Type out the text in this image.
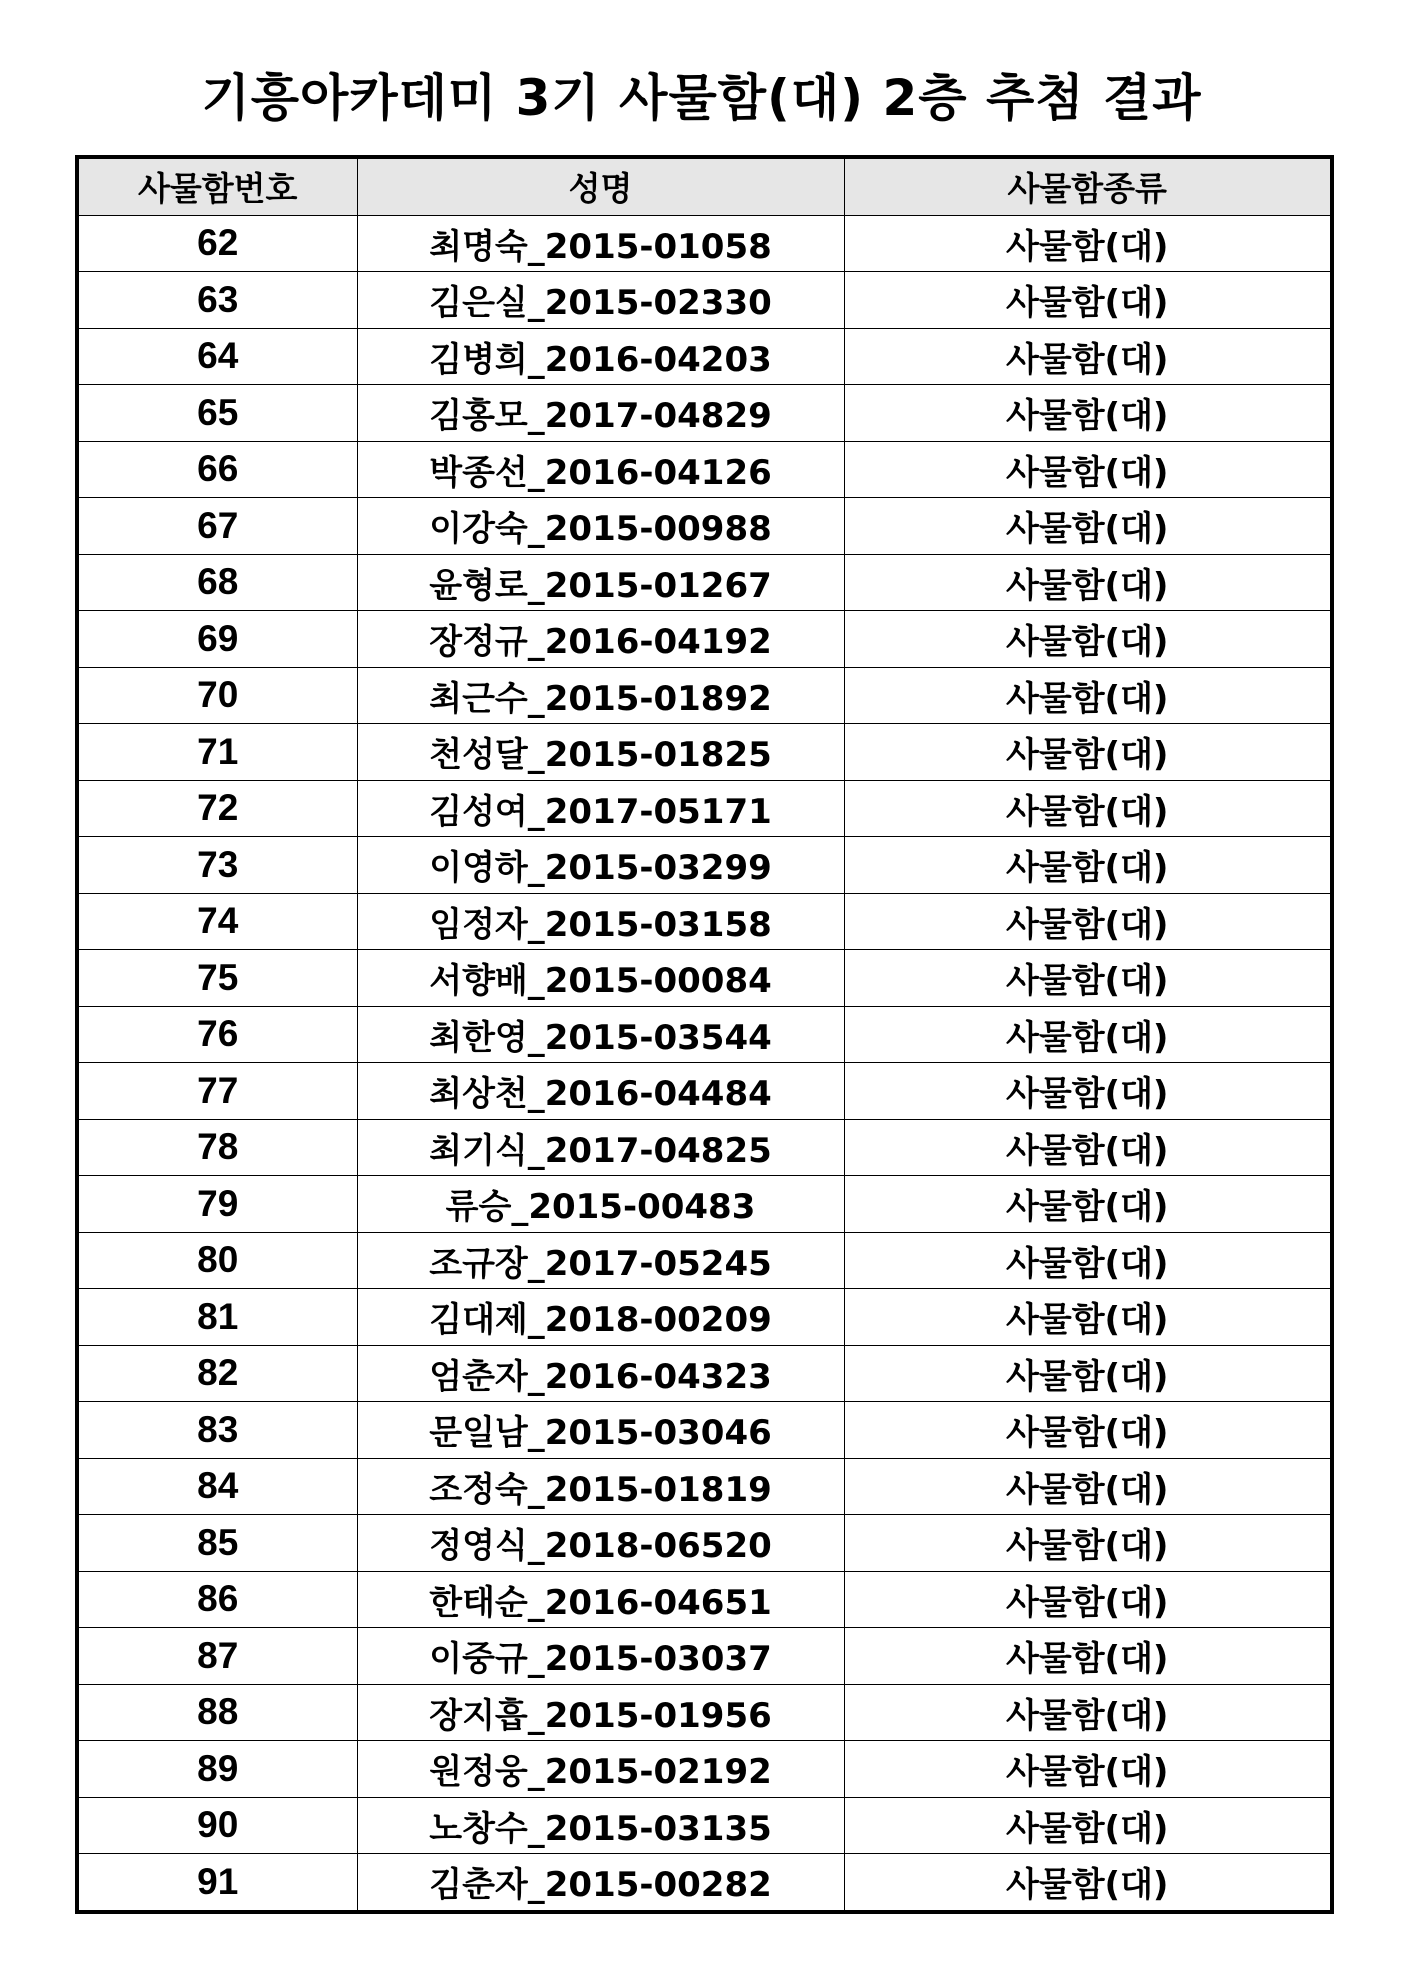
기흥아카데미 3기 사물함(대) 2층 추첨 결과
사물함번호	성명	사물함종류
62	최명숙_2015-01058	사물함(대)
63	김은실_2015-02330	사물함(대)
64	김병희_2016-04203	사물함(대)
65	김홍모_2017-04829	사물함(대)
66	박종선_2016-04126	사물함(대)
67	이강숙_2015-00988	사물함(대)
68	윤형로_2015-01267	사물함(대)
69	장정규_2016-04192	사물함(대)
70	최근수_2015-01892	사물함(대)
71	천성달_2015-01825	사물함(대)
72	김성여_2017-05171	사물함(대)
73	이영하_2015-03299	사물함(대)
74	임정자_2015-03158	사물함(대)
75	서향배_2015-00084	사물함(대)
76	최한영_2015-03544	사물함(대)
77	최상천_2016-04484	사물함(대)
78	최기식_2017-04825	사물함(대)
79	류승_2015-00483	사물함(대)
80	조규장_2017-05245	사물함(대)
81	김대제_2018-00209	사물함(대)
82	엄춘자_2016-04323	사물함(대)
83	문일남_2015-03046	사물함(대)
84	조정숙_2015-01819	사물함(대)
85	정영식_2018-06520	사물함(대)
86	한태순_2016-04651	사물함(대)
87	이중규_2015-03037	사물함(대)
88	장지흡_2015-01956	사물함(대)
89	원정웅_2015-02192	사물함(대)
90	노창수_2015-03135	사물함(대)
91	김춘자_2015-00282	사물함(대)
